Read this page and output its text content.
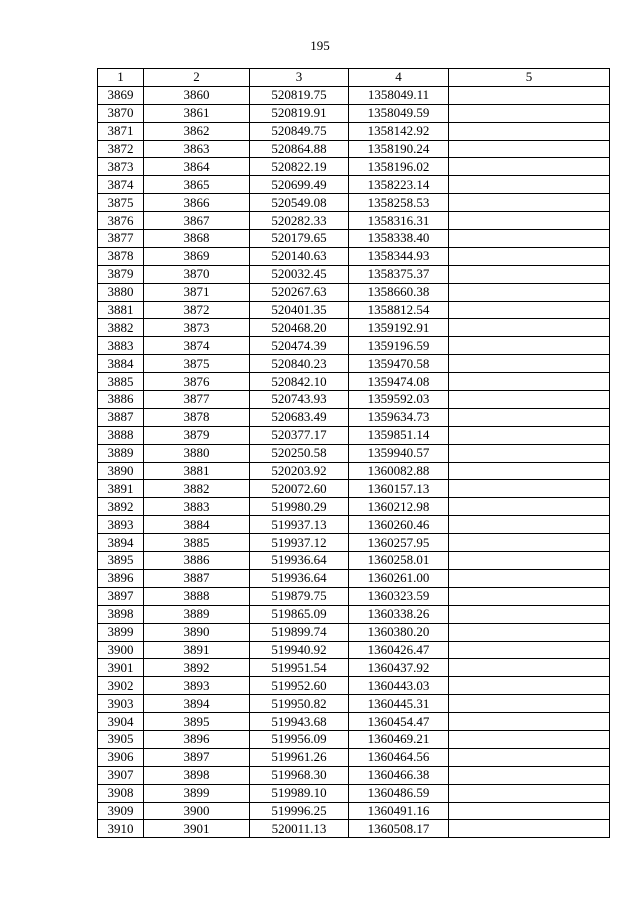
195
1	2	3	4	5
3869	3860	520819.75	1358049.11	
3870	3861	520819.91	1358049.59	
3871	3862	520849.75	1358142.92	
3872	3863	520864.88	1358190.24	
3873	3864	520822.19	1358196.02	
3874	3865	520699.49	1358223.14	
3875	3866	520549.08	1358258.53	
3876	3867	520282.33	1358316.31	
3877	3868	520179.65	1358338.40	
3878	3869	520140.63	1358344.93	
3879	3870	520032.45	1358375.37	
3880	3871	520267.63	1358660.38	
3881	3872	520401.35	1358812.54	
3882	3873	520468.20	1359192.91	
3883	3874	520474.39	1359196.59	
3884	3875	520840.23	1359470.58	
3885	3876	520842.10	1359474.08	
3886	3877	520743.93	1359592.03	
3887	3878	520683.49	1359634.73	
3888	3879	520377.17	1359851.14	
3889	3880	520250.58	1359940.57	
3890	3881	520203.92	1360082.88	
3891	3882	520072.60	1360157.13	
3892	3883	519980.29	1360212.98	
3893	3884	519937.13	1360260.46	
3894	3885	519937.12	1360257.95	
3895	3886	519936.64	1360258.01	
3896	3887	519936.64	1360261.00	
3897	3888	519879.75	1360323.59	
3898	3889	519865.09	1360338.26	
3899	3890	519899.74	1360380.20	
3900	3891	519940.92	1360426.47	
3901	3892	519951.54	1360437.92	
3902	3893	519952.60	1360443.03	
3903	3894	519950.82	1360445.31	
3904	3895	519943.68	1360454.47	
3905	3896	519956.09	1360469.21	
3906	3897	519961.26	1360464.56	
3907	3898	519968.30	1360466.38	
3908	3899	519989.10	1360486.59	
3909	3900	519996.25	1360491.16	
3910	3901	520011.13	1360508.17	
